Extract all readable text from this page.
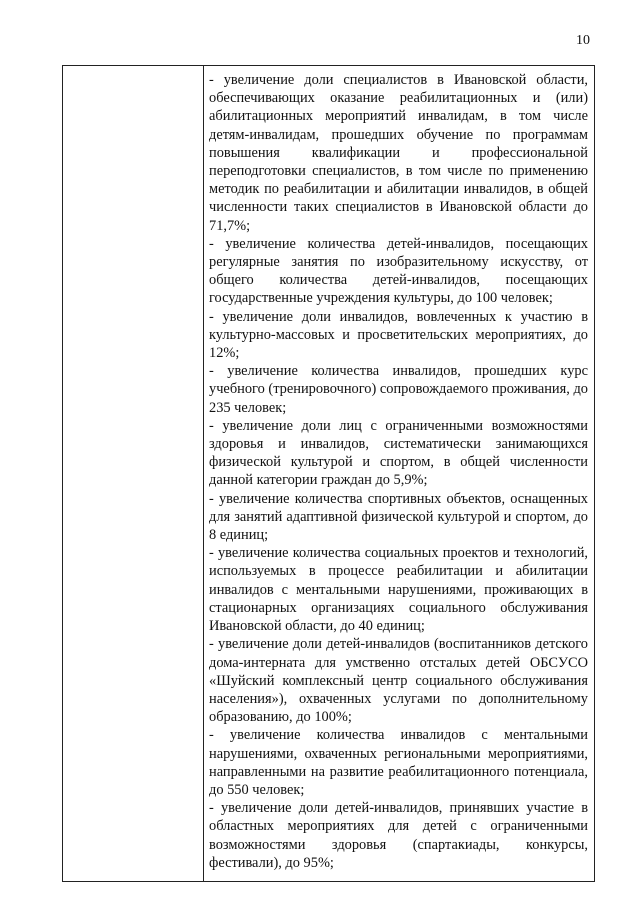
10

- увеличение доли специалистов в Ивановской области, обеспечивающих оказание реабилитационных и (или) абилитационных мероприятий инвалидам, в том числе детям-инвалидам, прошедших обучение по программам повышения квалификации и профессиональной переподготовки специалистов, в том числе по применению методик по реабилитации и абилитации инвалидов, в общей численности таких специалистов в Ивановской области до 71,7%;

- увеличение количества детей-инвалидов, посещающих регулярные занятия по изобразительному искусству, от общего количества детей-инвалидов, посещающих государственные учреждения культуры, до 100 человек;

- увеличение доли инвалидов, вовлеченных к участию в культурно-массовых и просветительских мероприятиях, до 12%;

- увеличение количества инвалидов, прошедших курс учебного (тренировочного) сопровождаемого проживания, до 235 человек;

- увеличение доли лиц с ограниченными возможностями здоровья и инвалидов, систематически занимающихся физической культурой и спортом, в общей численности данной категории граждан до 5,9%;

- увеличение количества спортивных объектов, оснащенных для занятий адаптивной физической культурой и спортом, до 8 единиц;

- увеличение количества социальных проектов и технологий, используемых в процессе реабилитации и абилитации инвалидов с ментальными нарушениями, проживающих в стационарных организациях социального обслуживания Ивановской области, до 40 единиц;

- увеличение доли детей-инвалидов (воспитанников детского дома-интерната для умственно отсталых детей ОБСУСО «Шуйский комплексный центр социального обслуживания населения»), охваченных услугами по дополнительному образованию, до 100%;

- увеличение количества инвалидов с ментальными нарушениями, охваченных региональными мероприятиями, направленными на развитие реабилитационного потенциала, до 550 человек;

- увеличение доли детей-инвалидов, принявших участие в областных мероприятиях для детей с ограниченными возможностями здоровья (спартакиады, конкурсы, фестивали), до 95%;
